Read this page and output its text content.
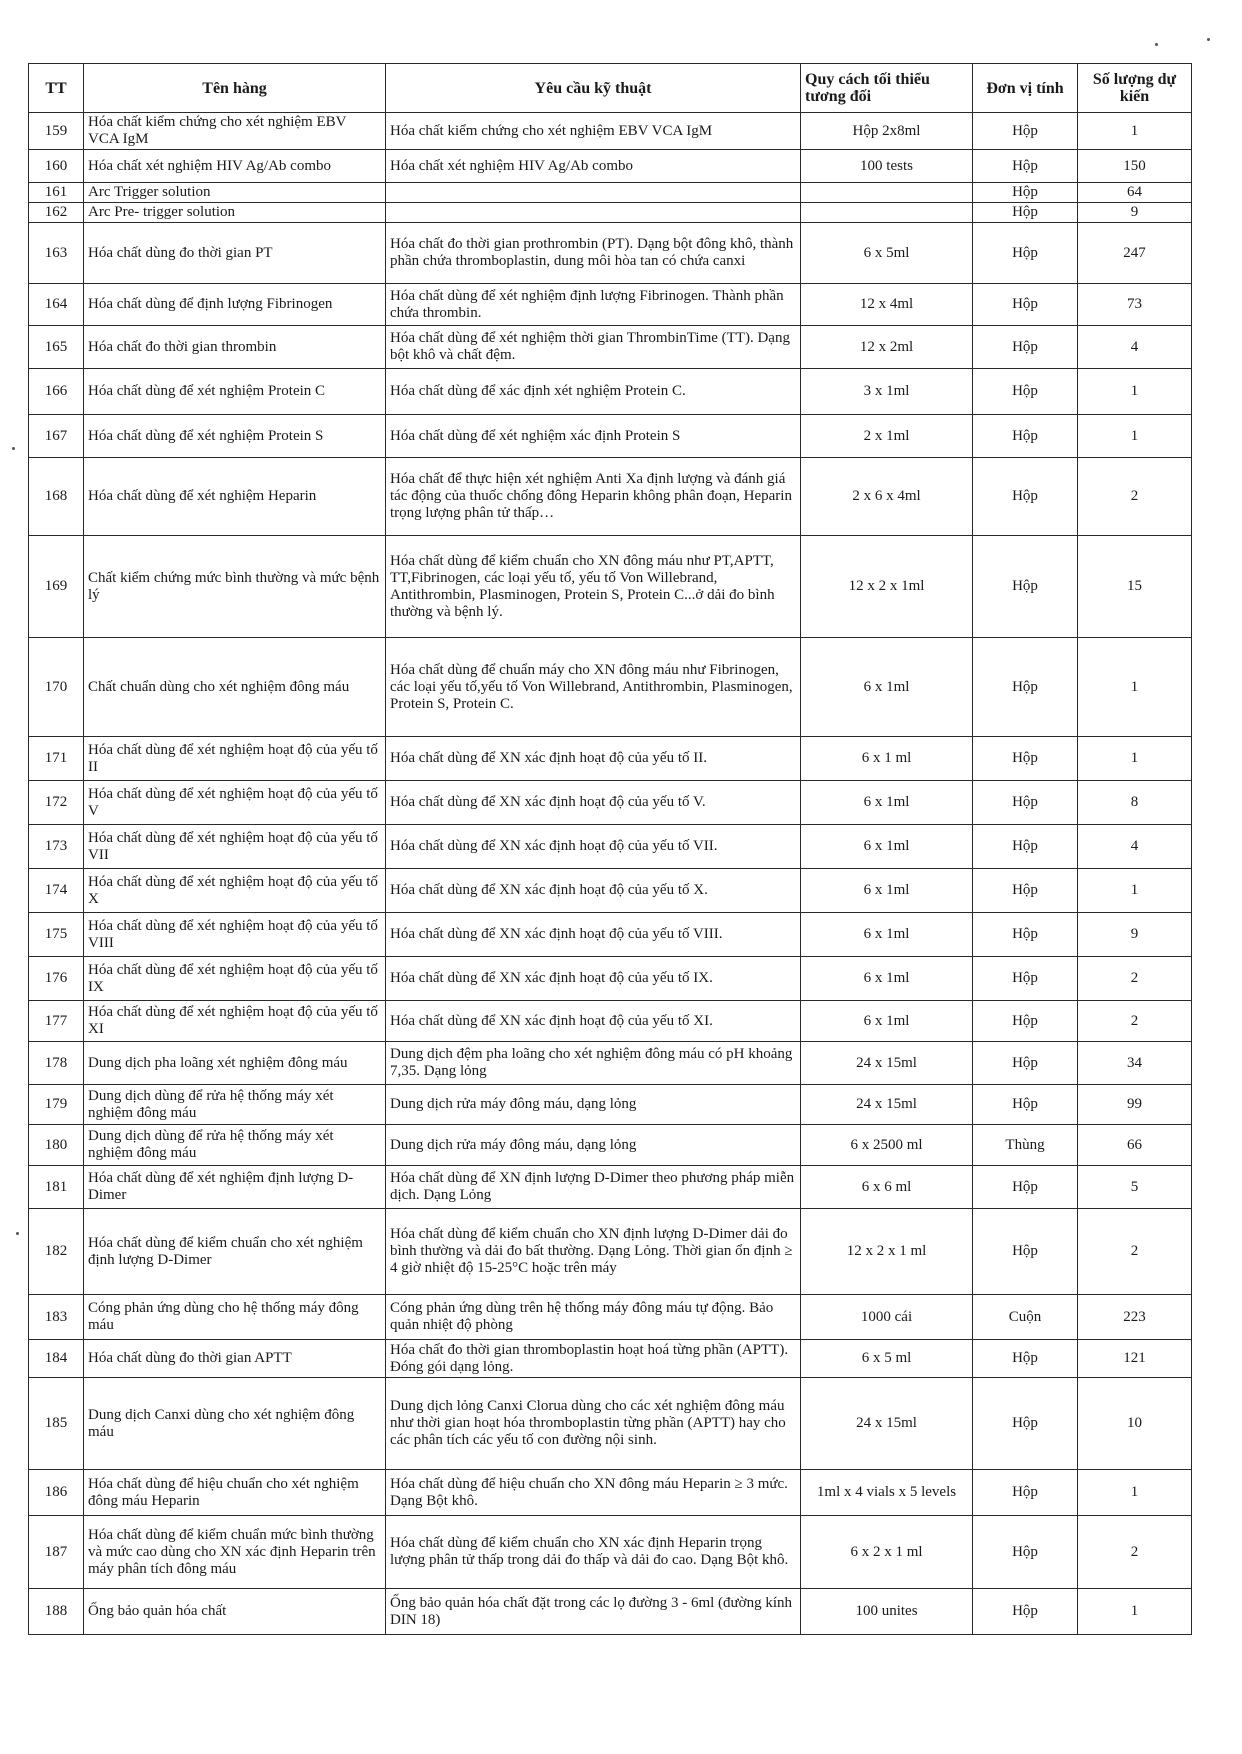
TT	Tên hàng	Yêu cầu kỹ thuật	Quy cách tối thiểu tương đối	Đơn vị tính	Số lượng dự kiến
159	Hóa chất kiểm chứng cho xét nghiệm EBV VCA IgM	Hóa chất kiểm chứng cho xét nghiệm EBV VCA IgM	Hộp 2x8ml	Hộp	1
160	Hóa chất xét nghiệm HIV Ag/Ab combo	Hóa chất xét nghiệm HIV Ag/Ab combo	100 tests	Hộp	150
161	Arc Trigger solution			Hộp	64
162	Arc Pre- trigger solution			Hộp	9
163	Hóa chất dùng đo thời gian PT	Hóa chất đo thời gian prothrombin (PT). Dạng bột đông khô, thành phần chứa thromboplastin, dung môi hòa tan có chứa canxi	6 x 5ml	Hộp	247
164	Hóa chất dùng để định lượng Fibrinogen	Hóa chất dùng để xét nghiệm định lượng Fibrinogen. Thành phần chứa thrombin.	12 x 4ml	Hộp	73
165	Hóa chất đo thời gian thrombin	Hóa chất dùng để xét nghiệm thời gian ThrombinTime (TT). Dạng bột khô và chất đệm.	12 x 2ml	Hộp	4
166	Hóa chất dùng để xét nghiệm Protein C	Hóa chất dùng để xác định xét nghiệm Protein C.	3 x 1ml	Hộp	1
167	Hóa chất dùng để xét nghiệm Protein S	Hóa chất dùng để xét nghiệm xác định Protein S	2 x 1ml	Hộp	1
168	Hóa chất dùng để xét nghiệm Heparin	Hóa chất để thực hiện xét nghiệm Anti Xa định lượng và đánh giá tác động của thuốc chống đông Heparin không phân đoạn, Heparin trọng lượng phân tử thấp…	2 x 6 x 4ml	Hộp	2
169	Chất kiểm chứng mức bình thường và mức bệnh lý	Hóa chất dùng để kiểm chuẩn cho XN đông máu như PT,APTT, TT,Fibrinogen, các loại yếu tố, yếu tố Von Willebrand, Antithrombin, Plasminogen, Protein S, Protein C...ở dải đo bình thường và bệnh lý.	12 x 2 x 1ml	Hộp	15
170	Chất chuẩn dùng cho xét nghiệm đông máu	Hóa chất dùng để chuẩn máy cho XN đông máu như Fibrinogen, các loại yếu tố,yếu tố Von Willebrand, Antithrombin, Plasminogen, Protein S, Protein C.	6 x 1ml	Hộp	1
171	Hóa chất dùng để xét nghiệm hoạt độ của yếu tố II	Hóa chất dùng để XN xác định hoạt độ của yếu tố II.	6 x 1 ml	Hộp	1
172	Hóa chất dùng để xét nghiệm hoạt độ của yếu tố V	Hóa chất dùng để XN xác định hoạt độ của yếu tố V.	6 x 1ml	Hộp	8
173	Hóa chất dùng để xét nghiệm hoạt độ của yếu tố VII	Hóa chất dùng để XN xác định hoạt độ của yếu tố VII.	6 x 1ml	Hộp	4
174	Hóa chất dùng để xét nghiệm hoạt độ của yếu tố X	Hóa chất dùng để XN xác định hoạt độ của yếu tố X.	6 x 1ml	Hộp	1
175	Hóa chất dùng để xét nghiệm hoạt độ của yếu tố VIII	Hóa chất dùng để XN xác định hoạt độ của yếu tố VIII.	6 x 1ml	Hộp	9
176	Hóa chất dùng để xét nghiệm hoạt độ của yếu tố IX	Hóa chất dùng để XN xác định hoạt độ của yếu tố IX.	6 x 1ml	Hộp	2
177	Hóa chất dùng để xét nghiệm hoạt độ của yếu tố XI	Hóa chất dùng để XN xác định hoạt độ của yếu tố XI.	6 x 1ml	Hộp	2
178	Dung dịch pha loãng xét nghiệm đông máu	Dung dịch đệm pha loãng cho xét nghiệm đông máu có pH khoảng 7,35. Dạng lỏng	24 x 15ml	Hộp	34
179	Dung dịch dùng để rửa hệ thống máy xét nghiệm đông máu	Dung dịch rửa máy đông máu, dạng lỏng	24 x 15ml	Hộp	99
180	Dung dịch dùng để rửa hệ thống máy xét nghiệm đông máu	Dung dịch rửa máy đông máu, dạng lỏng	6 x 2500 ml	Thùng	66
181	Hóa chất dùng để xét nghiệm định lượng D-Dimer	Hóa chất dùng để XN định lượng D-Dimer theo phương pháp miễn dịch. Dạng Lỏng	6 x 6 ml	Hộp	5
182	Hóa chất dùng để kiểm chuẩn cho xét nghiệm định lượng D-Dimer	Hóa chất dùng để kiểm chuẩn cho XN định lượng D-Dimer dải đo bình thường và dải đo bất thường. Dạng Lỏng. Thời gian ổn định ≥ 4 giờ nhiệt độ 15-25°C hoặc trên máy	12 x 2 x 1 ml	Hộp	2
183	Cóng phản ứng dùng cho hệ thống máy đông máu	Cóng phản ứng dùng trên hệ thống máy đông máu tự động. Bảo quản nhiệt độ phòng	1000 cái	Cuộn	223
184	Hóa chất dùng đo thời gian APTT	Hóa chất đo thời gian thromboplastin hoạt hoá từng phần (APTT). Đóng gói dạng lỏng.	6 x 5 ml	Hộp	121
185	Dung dịch Canxi dùng cho xét nghiệm đông máu	Dung dịch lỏng Canxi Clorua dùng cho các xét nghiệm đông máu như thời gian hoạt hóa thromboplastin từng phần (APTT) hay cho các phân tích các yếu tố con đường nội sinh.	24 x 15ml	Hộp	10
186	Hóa chất dùng để hiệu chuẩn cho xét nghiệm đông máu Heparin	Hóa chất dùng để hiệu chuẩn cho XN đông máu Heparin ≥ 3 mức. Dạng Bột khô.	1ml x 4 vials x 5 levels	Hộp	1
187	Hóa chất dùng để kiểm chuẩn mức bình thường và mức cao dùng cho XN xác định Heparin trên máy phân tích đông máu	Hóa chất dùng để kiểm chuẩn cho XN xác định Heparin trọng lượng phân tử thấp trong dải đo thấp và dải đo cao. Dạng Bột khô.	6 x 2 x 1 ml	Hộp	2
188	Ống bảo quản hóa chất	Ống bảo quản hóa chất đặt trong các lọ đường 3 - 6ml (đường kính DIN 18)	100 unites	Hộp	1
